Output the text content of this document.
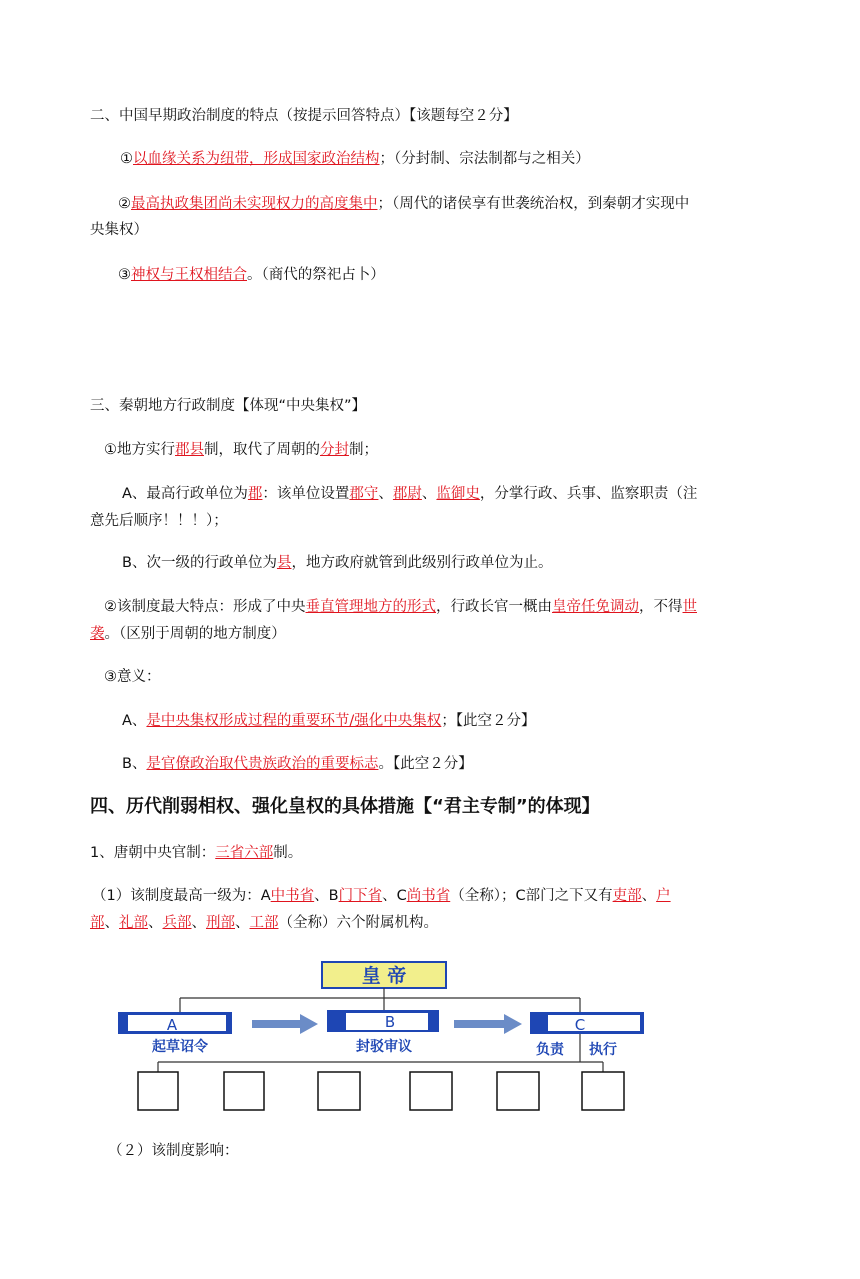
二、中国早期政治制度的特点（按提示回答特点）【该题每空２分】
①以血缘关系为纽带，形成国家政治结构；（分封制、宗法制都与之相关）
②最高执政集团尚未实现权力的高度集中；（周代的诸侯享有世袭统治权，到秦朝才实现中
央集权）
③神权与王权相结合。（商代的祭祀占卜）
三、秦朝地方行政制度【体现“中央集权”】
①地方实行郡县制，取代了周朝的分封制；
A、最高行政单位为郡：该单位设置郡守、郡尉、监御史，分掌行政、兵事、监察职责（注
意先后顺序！！！）；
B、次一级的行政单位为县，地方政府就管到此级别行政单位为止。
②该制度最大特点：形成了中央垂直管理地方的形式，行政长官一概由皇帝任免调动，不得世
袭。（区别于周朝的地方制度）
③意义：
A、是中央集权形成过程的重要环节/强化中央集权；【此空２分】
B、是官僚政治取代贵族政治的重要标志。【此空２分】
四、历代削弱相权、强化皇权的具体措施【“君主专制”的体现】
1、唐朝中央官制：三省六部制。
（1）该制度最高一级为：A中书省、B门下省、C尚书省（全称）；C部门之下又有吏部、户
部、礼部、兵部、刑部、工部（全称）六个附属机构。
皇 帝
A
起草诏令
B
封驳审议
C
负责 执行
（２）该制度影响：
